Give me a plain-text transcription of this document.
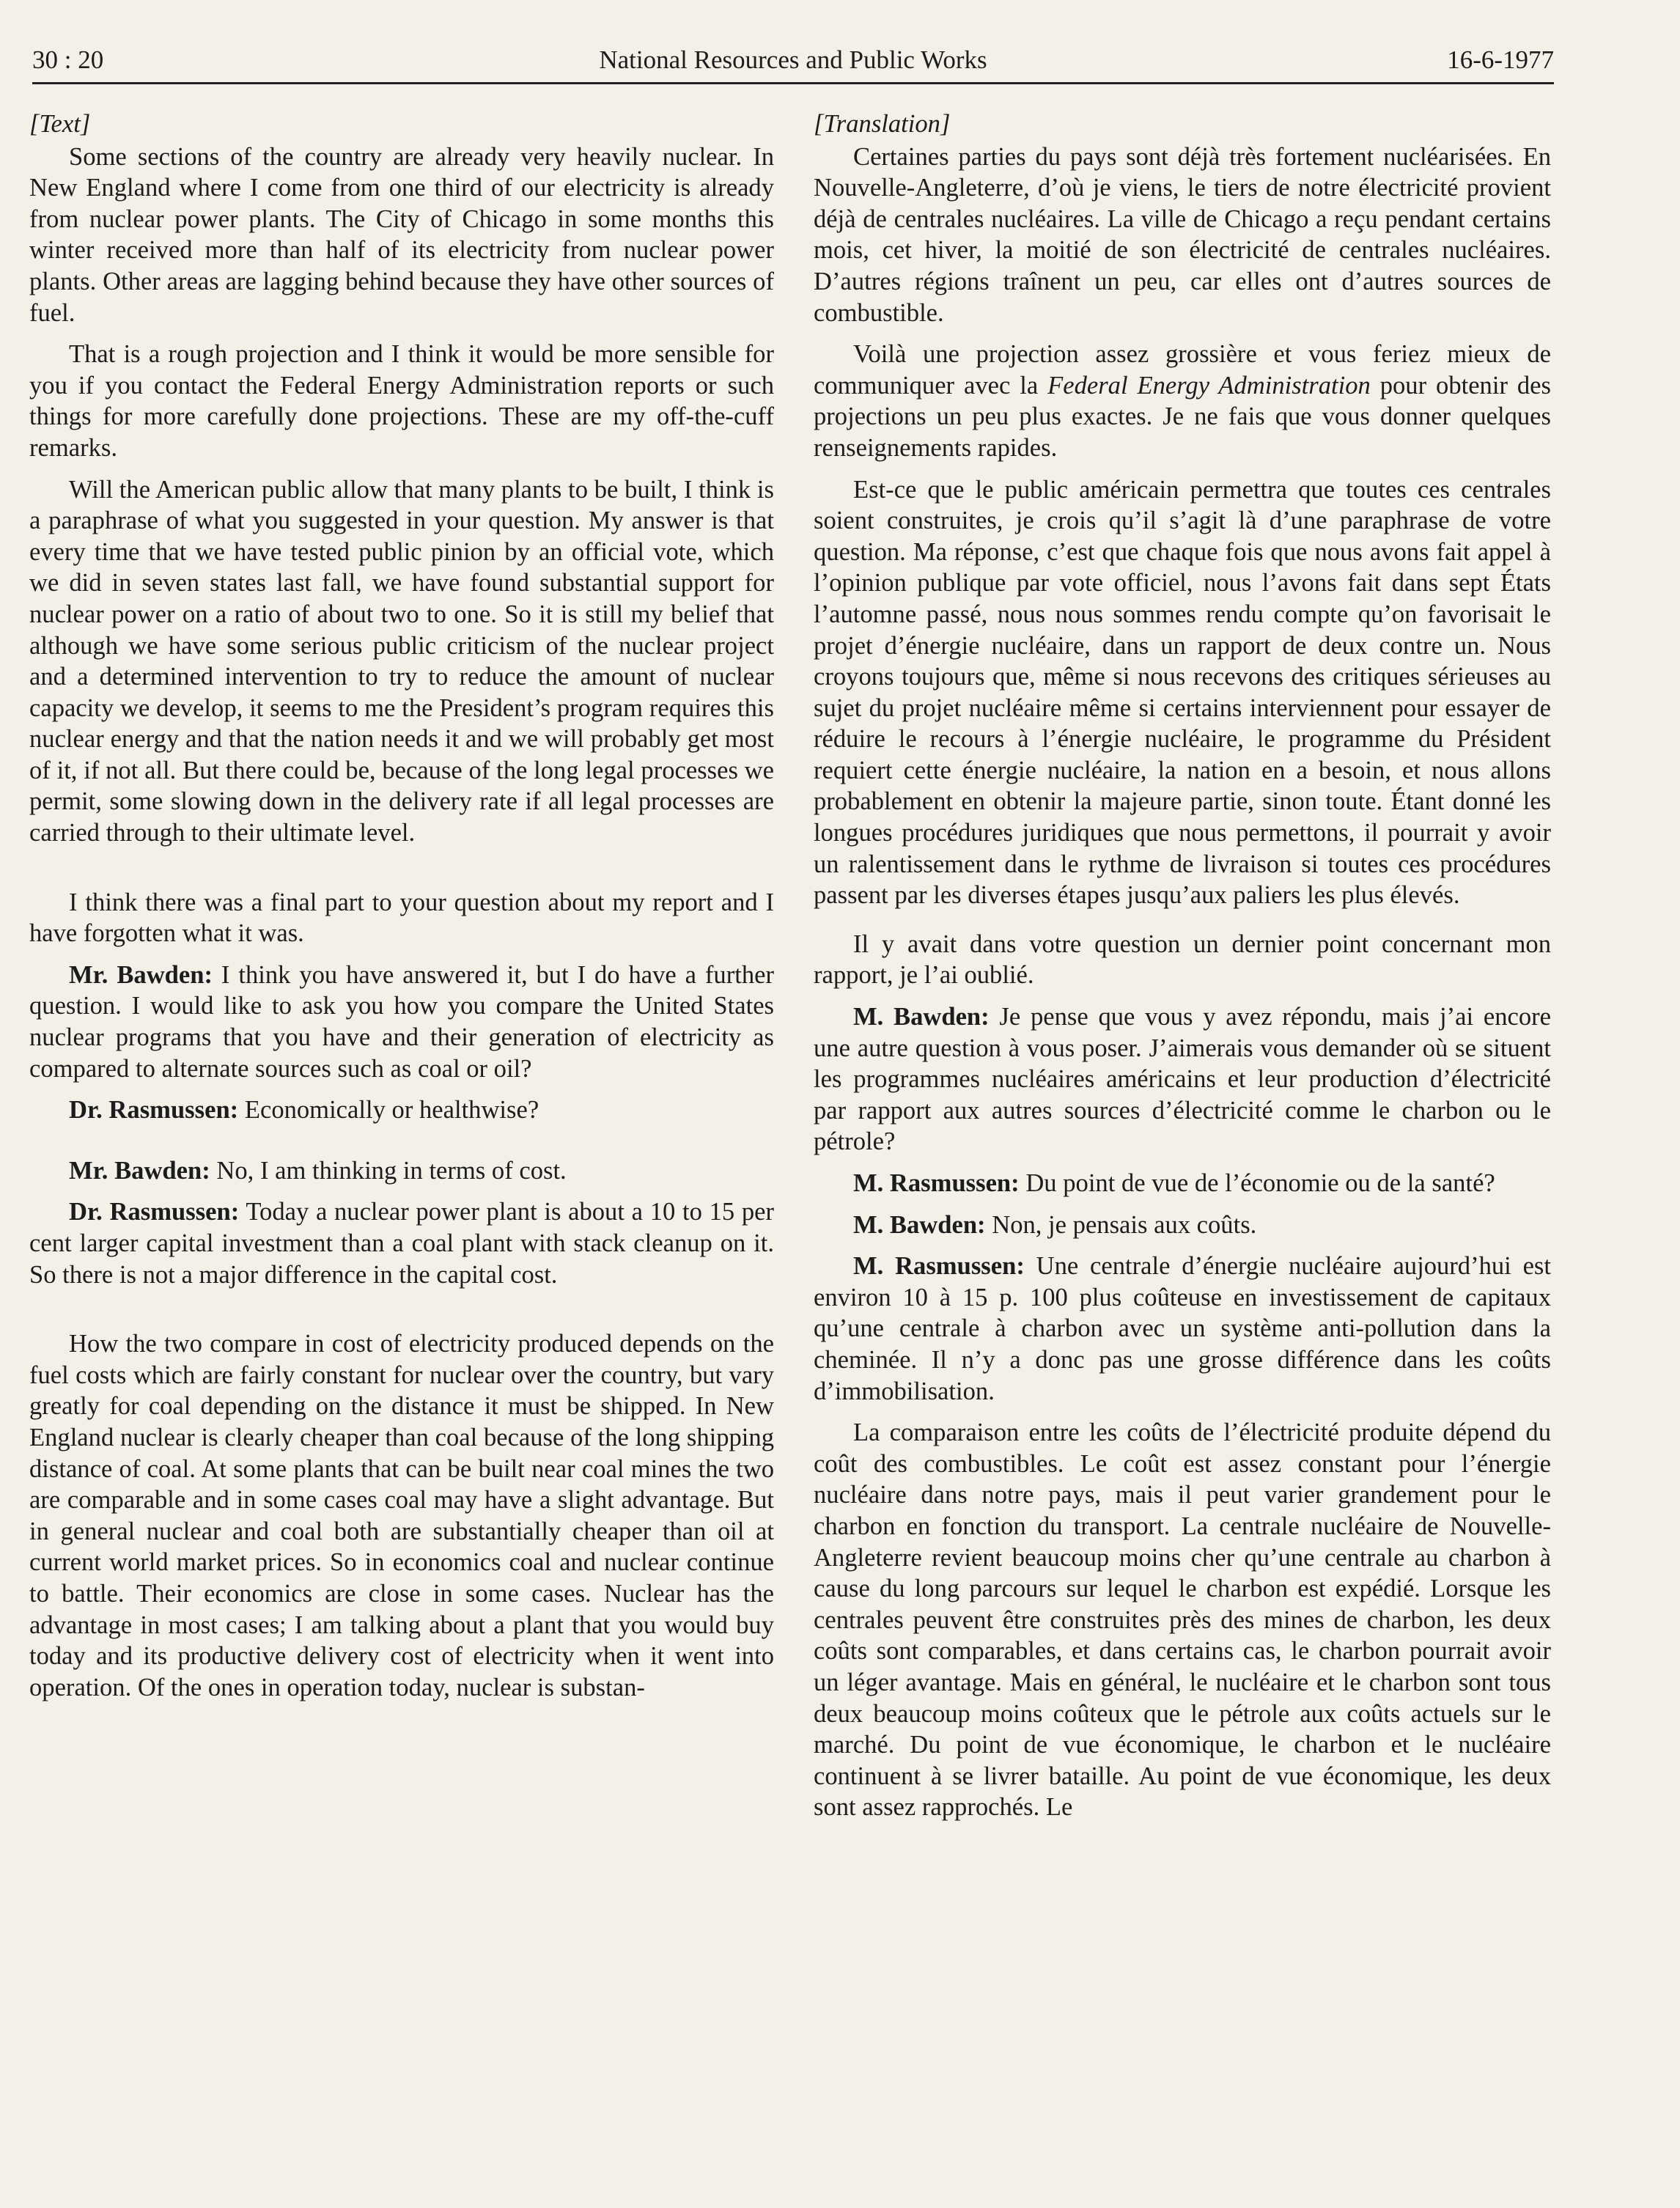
30 : 20	National Resources and Public Works	16-6-1977

[Text]

Some sections of the country are already very heavily nuclear. In New England where I come from one third of our electricity is already from nuclear power plants. The City of Chicago in some months this winter received more than half of its electricity from nuclear power plants. Other areas are lagging behind because they have other sources of fuel.

That is a rough projection and I think it would be more sensible for you if you contact the Federal Energy Administration reports or such things for more carefully done projections. These are my off-the-cuff remarks.

Will the American public allow that many plants to be built, I think is a paraphrase of what you suggested in your question. My answer is that every time that we have tested public pinion by an official vote, which we did in seven states last fall, we have found substantial support for nuclear power on a ratio of about two to one. So it is still my belief that although we have some serious public criticism of the nuclear project and a determined intervention to try to reduce the amount of nuclear capacity we develop, it seems to me the President’s program requires this nuclear energy and that the nation needs it and we will probably get most of it, if not all. But there could be, because of the long legal processes we permit, some slowing down in the delivery rate if all legal processes are carried through to their ultimate level.

I think there was a final part to your question about my report and I have forgotten what it was.

Mr. Bawden: I think you have answered it, but I do have a further question. I would like to ask you how you compare the United States nuclear programs that you have and their generation of electricity as compared to alternate sources such as coal or oil?

Dr. Rasmussen: Economically or healthwise?

Mr. Bawden: No, I am thinking in terms of cost.

Dr. Rasmussen: Today a nuclear power plant is about a 10 to 15 per cent larger capital investment than a coal plant with stack cleanup on it. So there is not a major difference in the capital cost.

How the two compare in cost of electricity produced depends on the fuel costs which are fairly constant for nuclear over the country, but vary greatly for coal depending on the distance it must be shipped. In New England nuclear is clearly cheaper than coal because of the long shipping distance of coal. At some plants that can be built near coal mines the two are comparable and in some cases coal may have a slight advantage. But in general nuclear and coal both are substantially cheaper than oil at current world market prices. So in economics coal and nuclear continue to battle. Their economics are close in some cases. Nuclear has the advantage in most cases; I am talking about a plant that you would buy today and its productive delivery cost of electricity when it went into operation. Of the ones in operation today, nuclear is substan-

[Translation]

Certaines parties du pays sont déjà très fortement nucléarisées. En Nouvelle-Angleterre, d’où je viens, le tiers de notre électricité provient déjà de centrales nucléaires. La ville de Chicago a reçu pendant certains mois, cet hiver, la moitié de son électricité de centrales nucléaires. D’autres régions traînent un peu, car elles ont d’autres sources de combustible.

Voilà une projection assez grossière et vous feriez mieux de communiquer avec la Federal Energy Administration pour obtenir des projections un peu plus exactes. Je ne fais que vous donner quelques renseignements rapides.

Est-ce que le public américain permettra que toutes ces centrales soient construites, je crois qu’il s’agit là d’une paraphrase de votre question. Ma réponse, c’est que chaque fois que nous avons fait appel à l’opinion publique par vote officiel, nous l’avons fait dans sept États l’automne passé, nous nous sommes rendu compte qu’on favorisait le projet d’énergie nucléaire, dans un rapport de deux contre un. Nous croyons toujours que, même si nous recevons des critiques sérieuses au sujet du projet nucléaire même si certains interviennent pour essayer de réduire le recours à l’énergie nucléaire, le programme du Président requiert cette énergie nucléaire, la nation en a besoin, et nous allons probablement en obtenir la majeure partie, sinon toute. Étant donné les longues procédures juridiques que nous permettons, il pourrait y avoir un ralentissement dans le rythme de livraison si toutes ces procédures passent par les diverses étapes jusqu’aux paliers les plus élevés.

Il y avait dans votre question un dernier point concernant mon rapport, je l’ai oublié.

M. Bawden: Je pense que vous y avez répondu, mais j’ai encore une autre question à vous poser. J’aimerais vous demander où se situent les programmes nucléaires américains et leur production d’électricité par rapport aux autres sources d’électricité comme le charbon ou le pétrole?

M. Rasmussen: Du point de vue de l’économie ou de la santé?

M. Bawden: Non, je pensais aux coûts.

M. Rasmussen: Une centrale d’énergie nucléaire aujourd’hui est environ 10 à 15 p. 100 plus coûteuse en investissement de capitaux qu’une centrale à charbon avec un système anti-pollution dans la cheminée. Il n’y a donc pas une grosse différence dans les coûts d’immobilisation.

La comparaison entre les coûts de l’électricité produite dépend du coût des combustibles. Le coût est assez constant pour l’énergie nucléaire dans notre pays, mais il peut varier grandement pour le charbon en fonction du transport. La centrale nucléaire de Nouvelle-Angleterre revient beaucoup moins cher qu’une centrale au charbon à cause du long parcours sur lequel le charbon est expédié. Lorsque les centrales peuvent être construites près des mines de charbon, les deux coûts sont comparables, et dans certains cas, le charbon pourrait avoir un léger avantage. Mais en général, le nucléaire et le charbon sont tous deux beaucoup moins coûteux que le pétrole aux coûts actuels sur le marché. Du point de vue économique, le charbon et le nucléaire continuent à se livrer bataille. Au point de vue économique, les deux sont assez rapprochés. Le
